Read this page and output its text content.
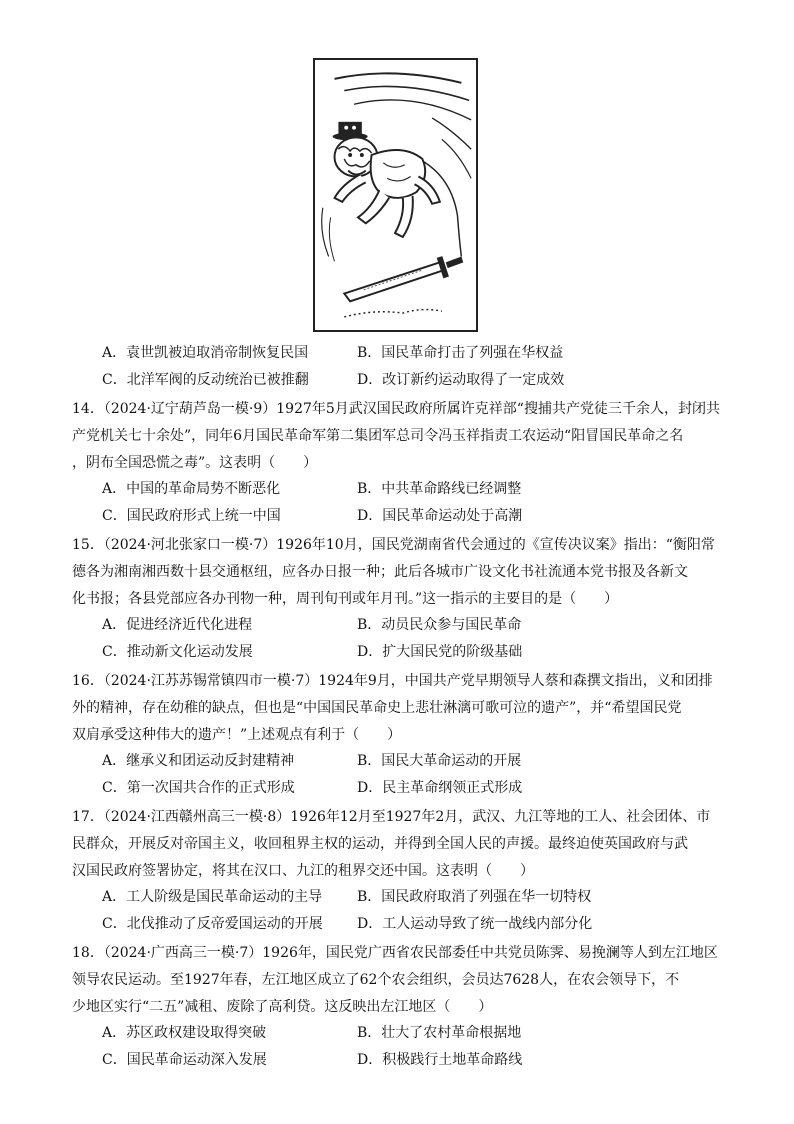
A．袁世凯被迫取消帝制恢复民国	B．国民革命打击了列强在华权益
C．北洋军阀的反动统治已被推翻	D．改订新约运动取得了一定成效

14．（2024·辽宁葫芦岛一模·9）1927年5月武汉国民政府所属许克祥部“搜捕共产党徒三千余人，封闭共

产党机关七十余处”，同年6月国民革命军第二集团军总司令冯玉祥指责工农运动“阳冒国民革命之名

，阴布全国恐慌之毒”。这表明（　　）

A．中国的革命局势不断恶化	B．中共革命路线已经调整
C．国民政府形式上统一中国	D．国民革命运动处于高潮

15．（2024·河北张家口一模·7）1926年10月，国民党湖南省代会通过的《宣传决议案》指出：“衡阳常

德各为湘南湘西数十县交通枢纽，应各办日报一种；此后各城市广设文化书社流通本党书报及各新文

化书报；各县党部应各办刊物一种，周刊旬刊或年月刊。”这一指示的主要目的是（　　）

A．促进经济近代化进程	B．动员民众参与国民革命
C．推动新文化运动发展	D．扩大国民党的阶级基础

16．（2024·江苏苏锡常镇四市一模·7）1924年9月，中国共产党早期领导人蔡和森撰文指出，义和团排

外的精神，存在幼稚的缺点，但也是“中国国民革命史上悲壮淋漓可歌可泣的遗产”，并“希望国民党

双肩承受这种伟大的遗产！”上述观点有利于（　　）

A．继承义和团运动反封建精神	B．国民大革命运动的开展
C．第一次国共合作的正式形成	D．民主革命纲领正式形成

17．（2024·江西赣州高三一模·8）1926年12月至1927年2月，武汉、九江等地的工人、社会团体、市

民群众，开展反对帝国主义，收回租界主权的运动，并得到全国人民的声援。最终迫使英国政府与武

汉国民政府签署协定，将其在汉口、九江的租界交还中国。这表明（　　）

A．工人阶级是国民革命运动的主导 B．国民政府取消了列强在华一切特权
C．北伐推动了反帝爱国运动的开展 D．工人运动导致了统一战线内部分化

18．（2024·广西高三一模·7）1926年，国民党广西省农民部委任中共党员陈霁、易挽澜等人到左江地区

领导农民运动。至1927年春，左江地区成立了62个农会组织，会员达7628人，在农会领导下，不

少地区实行“二五”减租、废除了高利贷。这反映出左江地区（　　）

A．苏区政权建设取得突破	B．壮大了农村革命根据地
C．国民革命运动深入发展	D．积极践行土地革命路线
